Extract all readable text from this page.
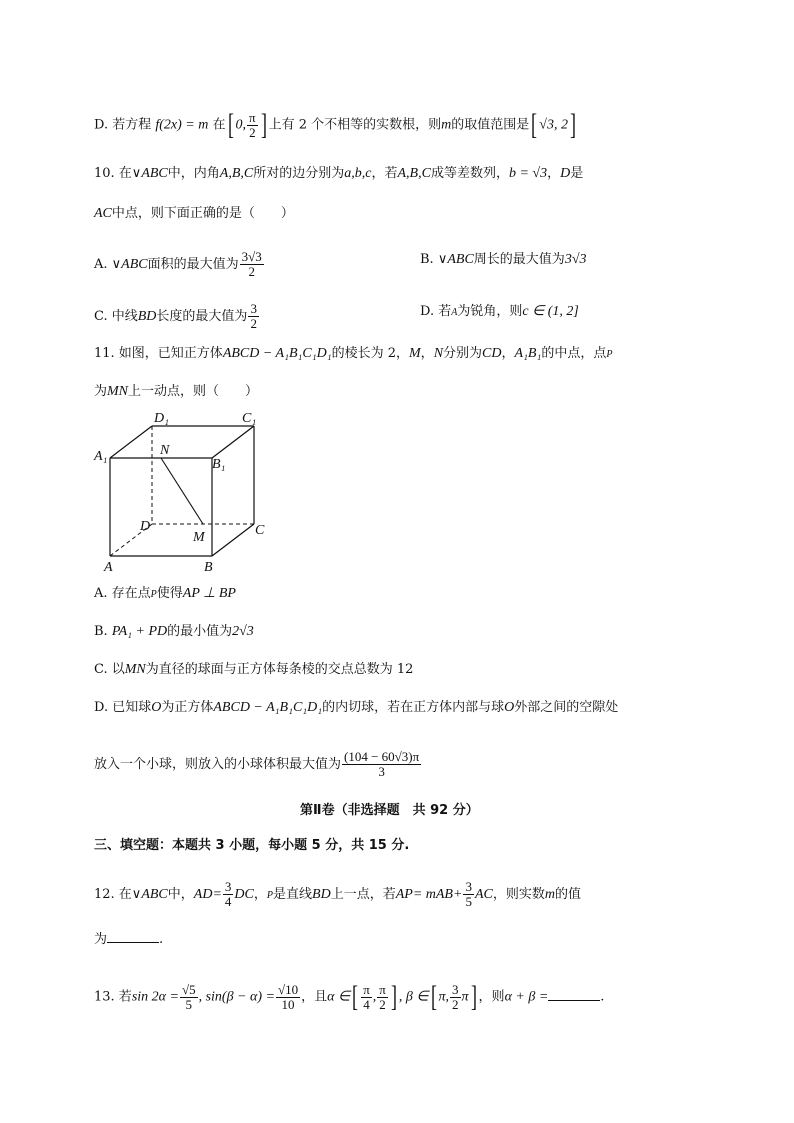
D. 若方程 f(2x) = m 在[ 0, $\frac{\pi}{2}$ ] 上有 2 个不相等的实数根，则m的取值范围是[ √3, 2]
10. 在∨ABC中，内角A,B,C所对的边分别为a,b,c，若A,B,C成等差数列，b = √3，D是
AC中点，则下面正确的是（　　）
A. ∨ABC面积的最大值为 $\frac{3√3}{2}$	B. ∨ABC周长的最大值为3√3
C. 中线BD长度的最大值为 $\frac{3}{2}$	D. 若A为锐角，则c ∈ (1, 2]
11. 如图，已知正方体ABCD − A₁B₁C₁D₁的棱长为 2，M，N分别为CD，A₁B₁的中点，点P
为MN上一动点，则（　　）
D₁	C₁
A₁
B₁
N
D
M	C
A	B
A. 存在点P使得AP ⊥ BP
B. PA₁ + PD的最小值为2√3
C. 以MN为直径的球面与正方体每条棱的交点总数为 12
D. 已知球O为正方体ABCD − A₁B₁C₁D₁的内切球，若在正方体内部与球O外部之间的空隙处
放入一个小球，则放入的小球体积最大值为 $\frac{(104 - 60√3)\pi}{3}$
第Ⅱ卷（非选择题　共 92 分）
三、填空题：本题共 3 小题，每小题 5 分，共 15 分.
12. 在∨ABC中，$AD= \frac{3}{4}$ DC，P是直线BD上一点，若$AP= mAB+ \frac{3}{5}$ AC，则实数m的值
为	.
13. 若$\sin 2\alpha = \frac{√5}{5}$ , $\sin(\beta - \alpha) = \frac{√10}{10}$ ，且α ∈[ $\frac{\pi}{4}$ , $\frac{\pi}{2}$ ] , β ∈[ π, $\frac{3}{2} \pi$] ，则α + β =	.
